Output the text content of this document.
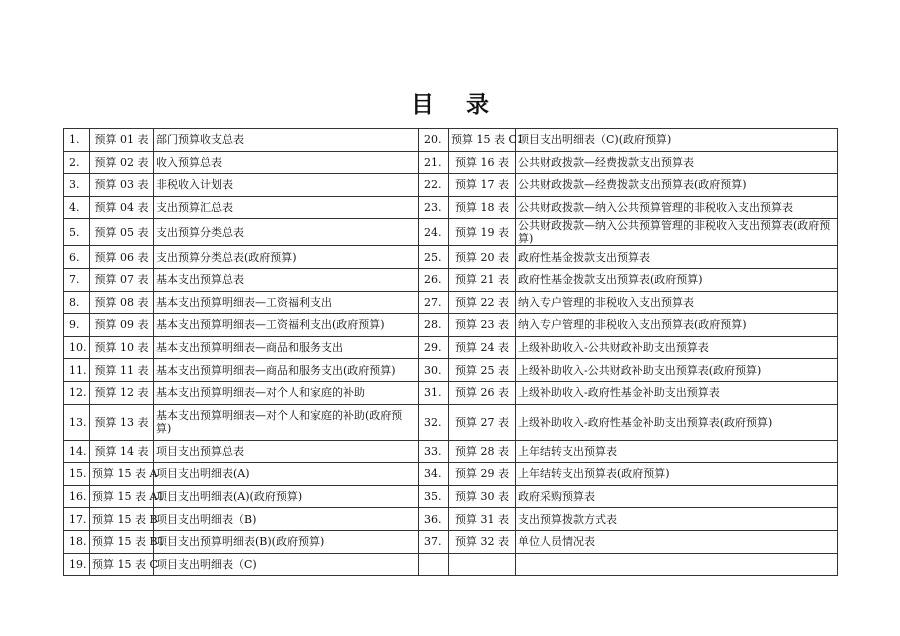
目 录
1.	预算 01 表	部门预算收支总表	20.	预算 15 表 C1	项目支出明细表（C)(政府预算)
2.	预算 02 表	收入预算总表	21.	预算 16 表	公共财政拨款—经费拨款支出预算表
3.	预算 03 表	非税收入计划表	22.	预算 17 表	公共财政拨款—经费拨款支出预算表(政府预算)
4.	预算 04 表	支出预算汇总表	23.	预算 18 表	公共财政拨款—纳入公共预算管理的非税收入支出预算表
5.	预算 05 表	支出预算分类总表	24.	预算 19 表	公共财政拨款—纳入公共预算管理的非税收入支出预算表(政府预算)
6.	预算 06 表	支出预算分类总表(政府预算)	25.	预算 20 表	政府性基金拨款支出预算表
7.	预算 07 表	基本支出预算总表	26.	预算 21 表	政府性基金拨款支出预算表(政府预算)
8.	预算 08 表	基本支出预算明细表—工资福利支出	27.	预算 22 表	纳入专户管理的非税收入支出预算表
9.	预算 09 表	基本支出预算明细表—工资福利支出(政府预算)	28.	预算 23 表	纳入专户管理的非税收入支出预算表(政府预算)
10.	预算 10 表	基本支出预算明细表—商品和服务支出	29.	预算 24 表	上级补助收入-公共财政补助支出预算表
11.	预算 11 表	基本支出预算明细表—商品和服务支出(政府预算)	30.	预算 25 表	上级补助收入-公共财政补助支出预算表(政府预算)
12.	预算 12 表	基本支出预算明细表—对个人和家庭的补助	31.	预算 26 表	上级补助收入-政府性基金补助支出预算表
13.	预算 13 表	基本支出预算明细表—对个人和家庭的补助(政府预算)	32.	预算 27 表	上级补助收入-政府性基金补助支出预算表(政府预算)
14.	预算 14 表	项目支出预算总表	33.	预算 28 表	上年结转支出预算表
15.	预算 15 表 A	项目支出明细表(A)	34.	预算 29 表	上年结转支出预算表(政府预算)
16.	预算 15 表 A1	项目支出明细表(A)(政府预算)	35.	预算 30 表	政府采购预算表
17.	预算 15 表 B	项目支出明细表（B)	36.	预算 31 表	支出预算拨款方式表
18.	预算 15 表 B1	项目支出预算明细表(B)(政府预算)	37.	预算 32 表	单位人员情况表
19.	预算 15 表 C	项目支出明细表（C)			
